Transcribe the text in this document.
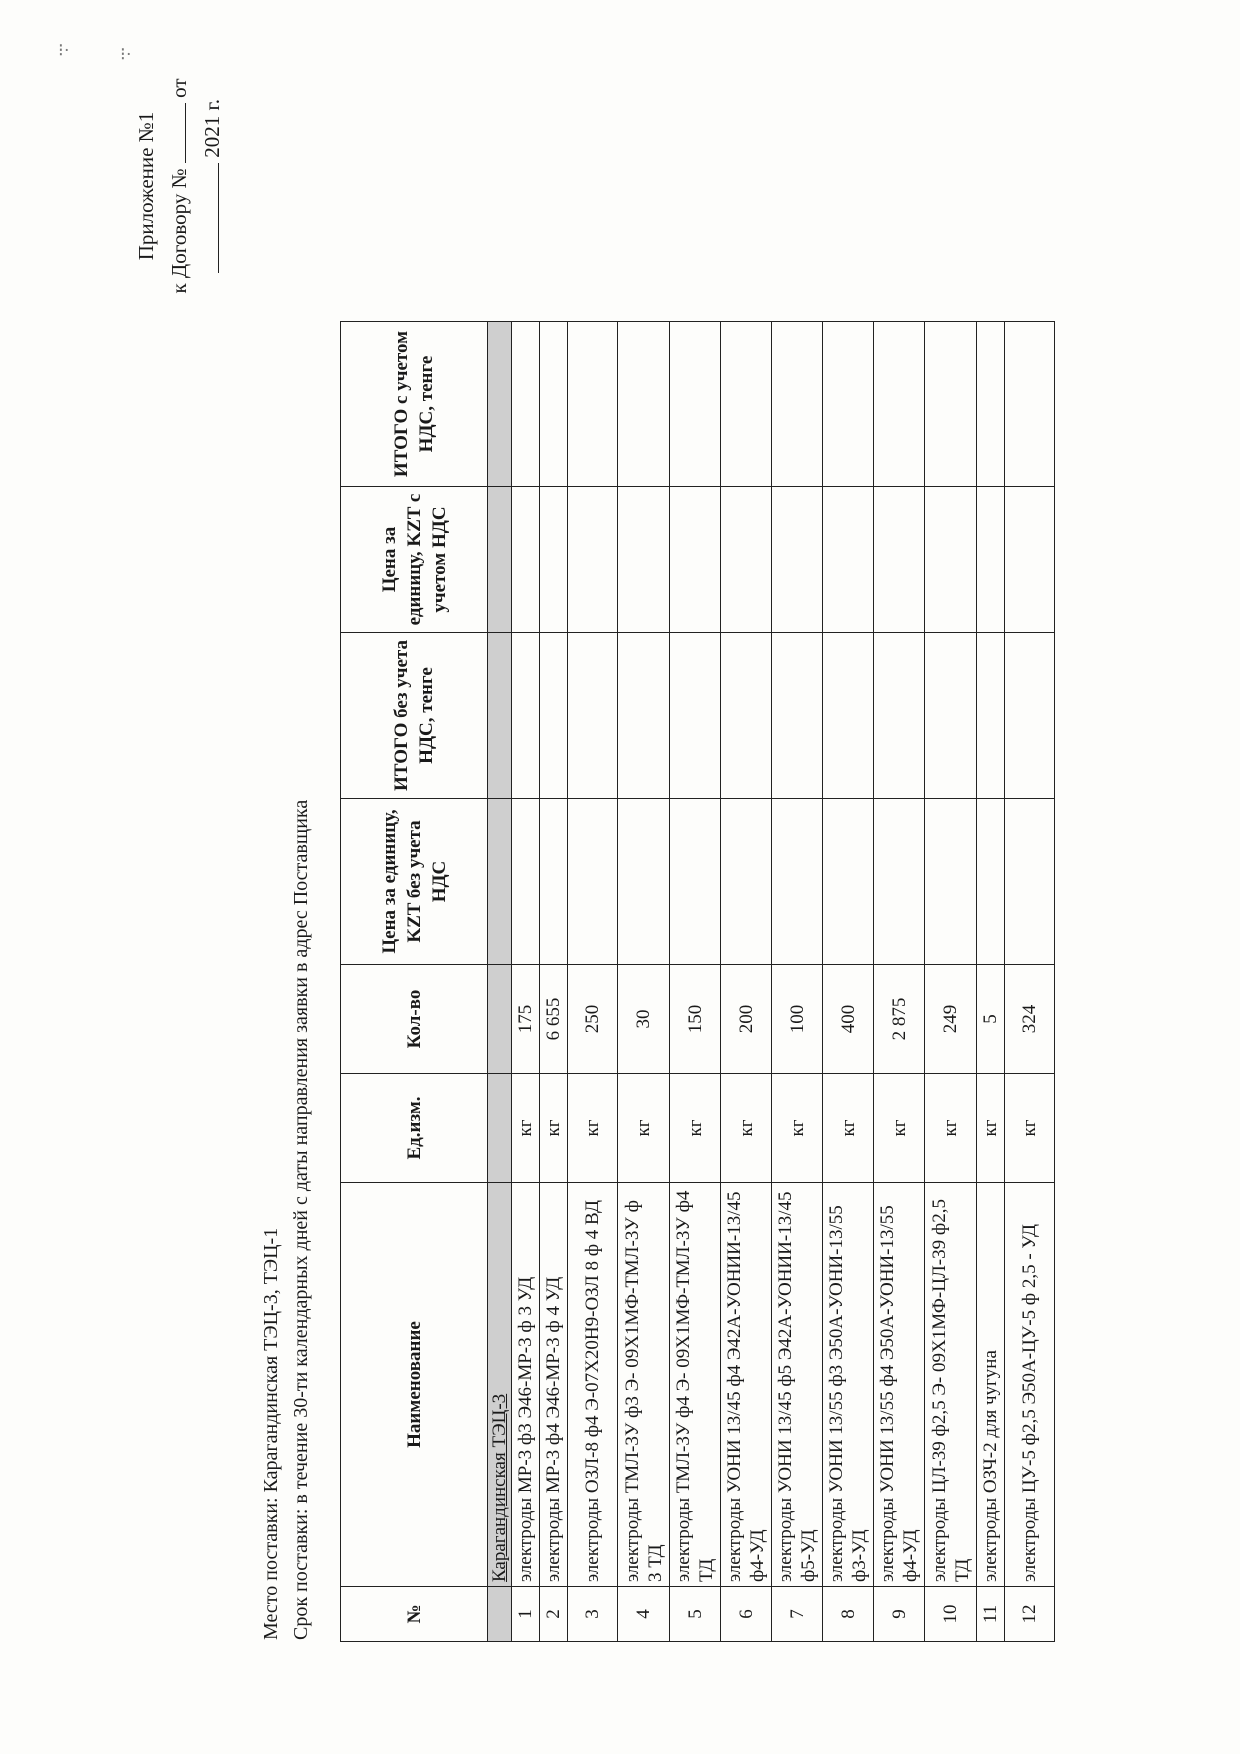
⁝·	⁝·
Приложение №1 к Договору №  от
2021 г.
Место поставки: Карагандинская ТЭЦ-3, ТЭЦ-1 Срок поставки: в течение 30-ти календарных дней с даты направления заявки в адрес Поставщика	№	Наименование	Ед.изм.	Кол-во	Цена за единицу, KZT без учета НДС	ИТОГО без учета НДС, тенге	Цена за единицу, KZT с учетом НДС	ИТОГО с учетом НДС, тенге
	Карагандинская ТЭЦ-3						
1	электроды МР-3 ф3 Э46-МР-3 ф 3 УД	кг	175				
2	электроды МР-3 ф4 Э46-МР-3 ф 4 УД	кг	6 655				
3	электроды ОЗЛ-8 ф4 Э-07Х20Н9-ОЗЛ 8 ф 4 ВД	кг	250				
4	электроды ТМЛ-3У ф3 Э- 09Х1МФ-ТМЛ-3У ф 3 ТД	кг	30				
5	электроды ТМЛ-3У ф4 Э- 09Х1МФ-ТМЛ-3У ф4 ТД	кг	150				
6	электроды УОНИ 13/45 ф4 Э42А-УОНИИ-13/45 ф4-УД	кг	200				
7	электроды УОНИ 13/45 ф5 Э42А-УОНИИ-13/45 ф5-УД	кг	100				
8	электроды УОНИ 13/55 ф3 Э50А-УОНИ-13/55 ф3-УД	кг	400				
9	электроды УОНИ 13/55 ф4 Э50А-УОНИ-13/55 ф4-УД	кг	2 875				
10	электроды ЦЛ-39 ф2,5 Э- 09Х1МФ-ЦЛ-39 ф2,5 ТД	кг	249				
11	электроды ОЗЧ-2 для чугуна	кг	5				
12	электроды ЦУ-5 ф2,5 Э50А-ЦУ-5 ф 2,5 - УД	кг	324				
